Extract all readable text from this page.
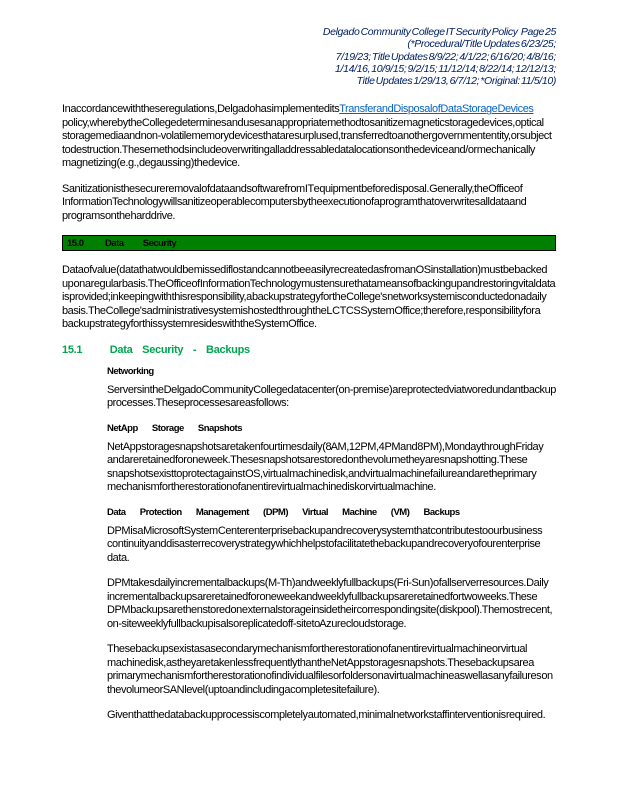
Delgado Community College IT Security Policy   Page 25
(*Procedural/Title Updates 6/23/25;
7/19/23; Title Updates 8/9/22; 4/1/22; 6/16/20; 4/8/16;
1/14/16, 10/9/15; 9/2/15; 11/12/14; 8/22/14; 12/12/13;
Title Updates 1/29/13, 6/7/12; *Original: 11/5/10)

In accordance with these regulations, Delgado has implemented its Transfer and Disposal of Data Storage Devices policy, whereby the College determines and uses an appropriate method to sanitize magnetic storage devices, optical storage media and non-volatile memory devices that are surplused, transferred to another government entity, or subject to destruction. These methods include overwriting all addressable data locations on the device and/or mechanically magnetizing (e.g., degaussing) the device.

Sanitization is the secure removal of data and software from IT equipment before disposal. Generally, the Office of Information Technology will sanitize operable computers by the execution of a program that overwrites all data and programs on the hard drive.

15.0	Data Security

Data of value (data that would be missed if lost and cannot be easily recreated as from an OS installation) must be backed up on a regular basis. The Office of Information Technology must ensure that a means of backing up and restoring vital data is provided; in keeping with this responsibility, a backup strategy for the College's network system is conducted on a daily basis. The College's administrative system is hosted through the LCTCS System Office; therefore, responsibility for a backup strategy for this system resides with the System Office.

15.1	Data Security - Backups
Networking

Servers in the Delgado Community College data center (on-premise) are protected via two redundant backup processes. These processes are as follows:

NetApp Storage Snapshots

NetApp storage snapshots are taken four times daily (8 AM, 12 PM, 4 PM and 8 PM), Monday through Friday and are retained for one week. These snapshots are stored on the volume they are snapshotting. These snapshots exist to protect against OS, virtual machine disk, and virtual machine failure and are the primary mechanism for the restoration of an entire virtual machine disk or virtual machine.

Data Protection Management (DPM) Virtual Machine (VM) Backups

DPM is a Microsoft System Center enterprise backup and recovery system that contributes to our business continuity and disaster recovery strategy which helps to facilitate the backup and recovery of our enterprise data.

DPM takes daily incremental backups (M-Th) and weekly full backups (Fri-Sun) of all server resources. Daily incremental backups are retained for one week and weekly full backups are retained for two weeks. These DPM backups are then stored on external storage inside their corresponding site (disk pool). The most recent, on-site weekly full backup is also replicated off-site to Azure cloud storage.

These backups exist as a secondary mechanism for the restoration of an entire virtual machine or virtual machine disk, as they are taken less frequently than the NetApp storage snapshots. These backups are a primary mechanism for the restoration of individual files or folders on a virtual machine as well as any failures on the volume or SAN level (up to and including a complete site failure).

Given that the data backup process is completely automated, minimal network staff intervention is required.
